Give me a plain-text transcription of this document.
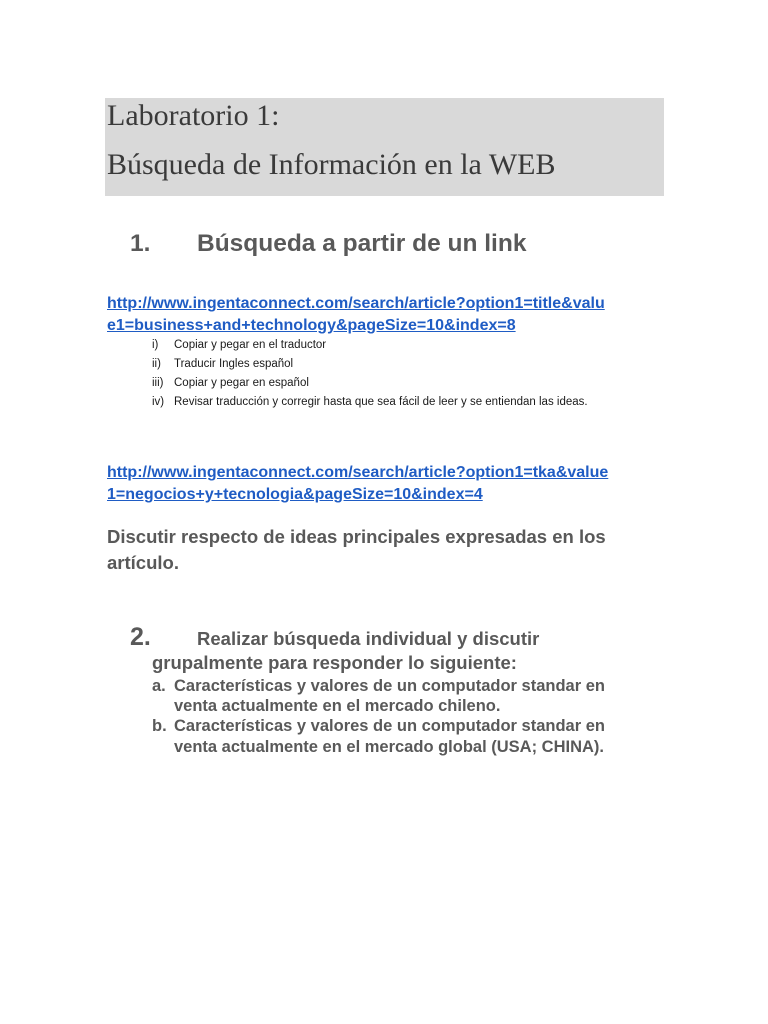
Laboratorio 1:
Búsqueda de Información en la WEB
1. Búsqueda a partir de un link
http://www.ingentaconnect.com/search/article?option1=title&valu
e1=business+and+technology&pageSize=10&index=8
i)	Copiar y pegar en el traductor
ii)	Traducir Ingles español
iii) Copiar y pegar en español
iv) Revisar traducción y corregir hasta que sea fácil de leer y se entiendan las ideas.
http://www.ingentaconnect.com/search/article?option1=tka&value
1=negocios+y+tecnologia&pageSize=10&index=4
Discutir respecto de ideas principales expresadas en los
artículo.
2. Realizar búsqueda individual y discutir
grupalmente para responder lo siguiente:
a. Características y valores de un computador standar en
venta actualmente en el mercado chileno.
b. Características y valores de un computador standar en
venta actualmente en el mercado global (USA; CHINA).
